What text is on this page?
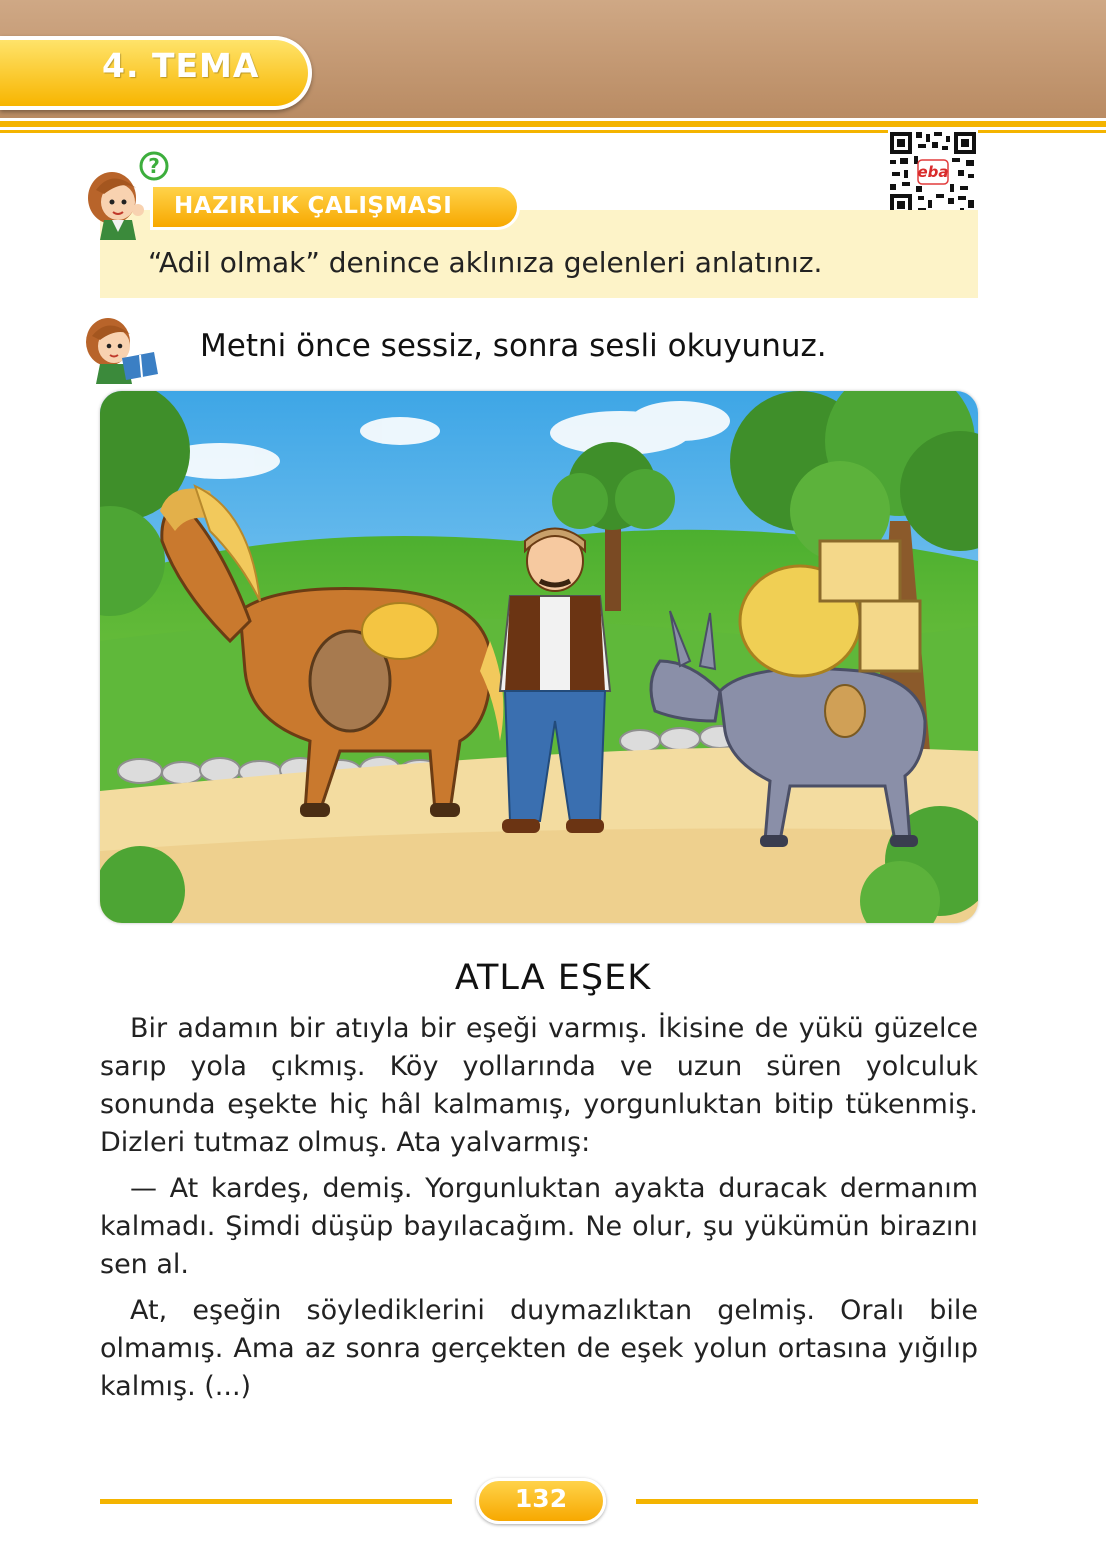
4. TEMA
eba
HAZIRLIK ÇALIŞMASI
“Adil olmak” denince aklınıza gelenleri anlatınız.
?
Metni önce sessiz, sonra sesli okuyunuz.
ATLA EŞEK

Bir adamın bir atıyla bir eşeği varmış. İkisine de yükü güzelce sarıp yola çıkmış. Köy yollarında ve uzun süren yolculuk sonunda eşekte hiç hâl kalmamış, yorgunluktan bitip tükenmiş. Dizleri tutmaz olmuş. Ata yalvarmış:

— At kardeş, demiş. Yorgunluktan ayakta duracak dermanım kalmadı. Şimdi düşüp bayılacağım. Ne olur, şu yükümün birazını sen al.

At, eşeğin söylediklerini duymazlıktan gelmiş. Oralı bile olmamış. Ama az sonra gerçekten de eşek yolun ortasına yığılıp kalmış. (...)

132
